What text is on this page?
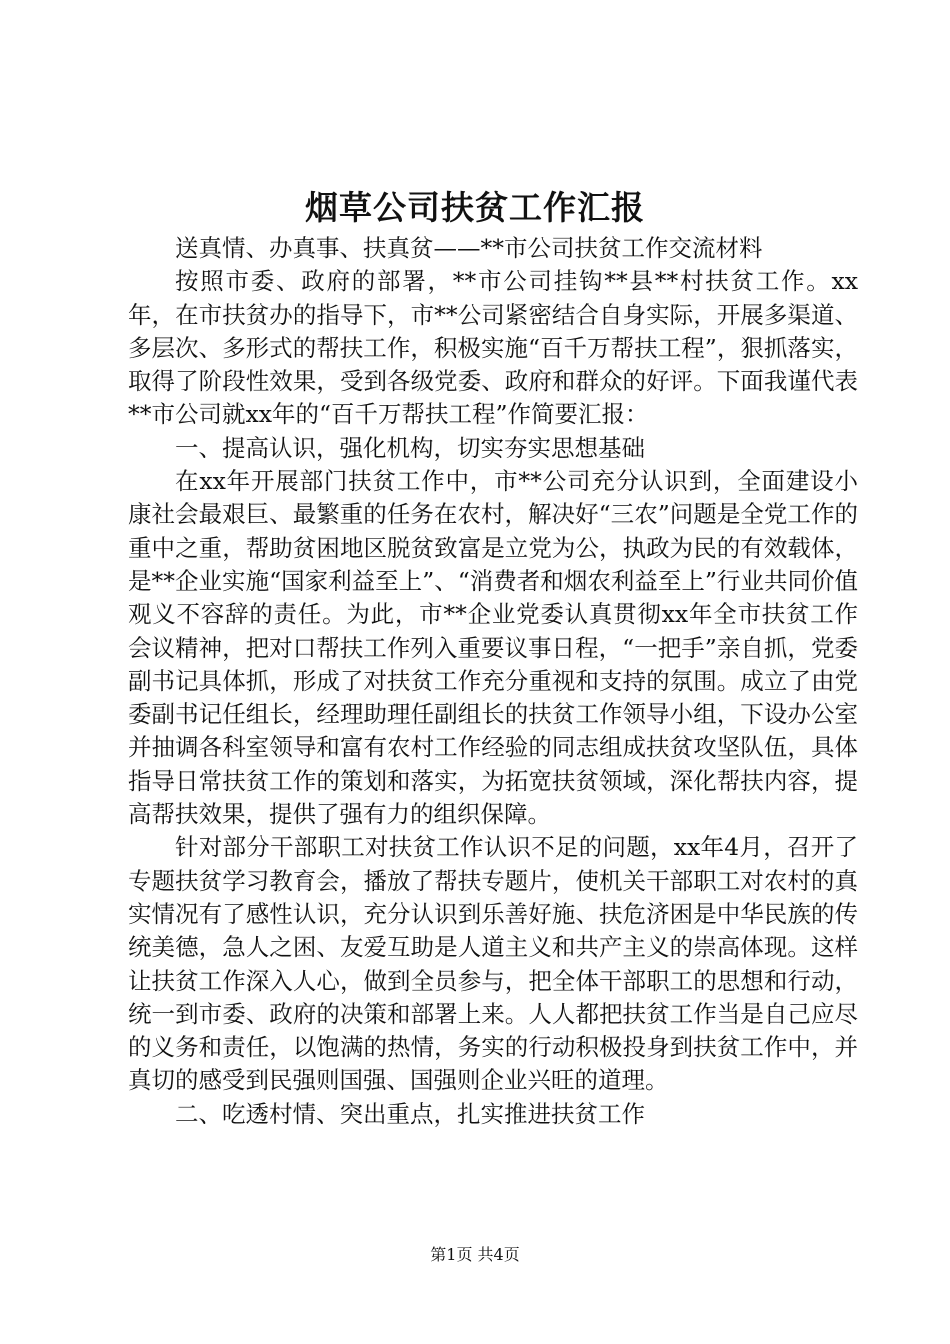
烟草公司扶贫工作汇报

送真情、办真事、扶真贫——**市公司扶贫工作交流材料

按照市委、政府的部署，**市公司挂钩**县**村扶贫工作。xx年，在市扶贫办的指导下，市**公司紧密结合自身实际，开展多渠道、多层次、多形式的帮扶工作，积极实施“百千万帮扶工程”，狠抓落实，取得了阶段性效果，受到各级党委、政府和群众的好评。下面我谨代表**市公司就xx年的“百千万帮扶工程”作简要汇报：

一、提高认识，强化机构，切实夯实思想基础

在xx年开展部门扶贫工作中，市**公司充分认识到，全面建设小康社会最艰巨、最繁重的任务在农村，解决好“三农”问题是全党工作的重中之重，帮助贫困地区脱贫致富是立党为公，执政为民的有效载体，是**企业实施“国家利益至上”、“消费者和烟农利益至上”行业共同价值观义不容辞的责任。为此，市**企业党委认真贯彻xx年全市扶贫工作会议精神，把对口帮扶工作列入重要议事日程，“一把手”亲自抓，党委副书记具体抓，形成了对扶贫工作充分重视和支持的氛围。成立了由党委副书记任组长，经理助理任副组长的扶贫工作领导小组，下设办公室并抽调各科室领导和富有农村工作经验的同志组成扶贫攻坚队伍，具体指导日常扶贫工作的策划和落实，为拓宽扶贫领域，深化帮扶内容，提高帮扶效果，提供了强有力的组织保障。

针对部分干部职工对扶贫工作认识不足的问题，xx年4月，召开了专题扶贫学习教育会，播放了帮扶专题片，使机关干部职工对农村的真实情况有了感性认识，充分认识到乐善好施、扶危济困是中华民族的传统美德，急人之困、友爱互助是人道主义和共产主义的崇高体现。这样让扶贫工作深入人心，做到全员参与，把全体干部职工的思想和行动，统一到市委、政府的决策和部署上来。人人都把扶贫工作当是自己应尽的义务和责任，以饱满的热情，务实的行动积极投身到扶贫工作中，并真切的感受到民强则国强、国强则企业兴旺的道理。

二、吃透村情、突出重点，扎实推进扶贫工作

第1页 共4页
